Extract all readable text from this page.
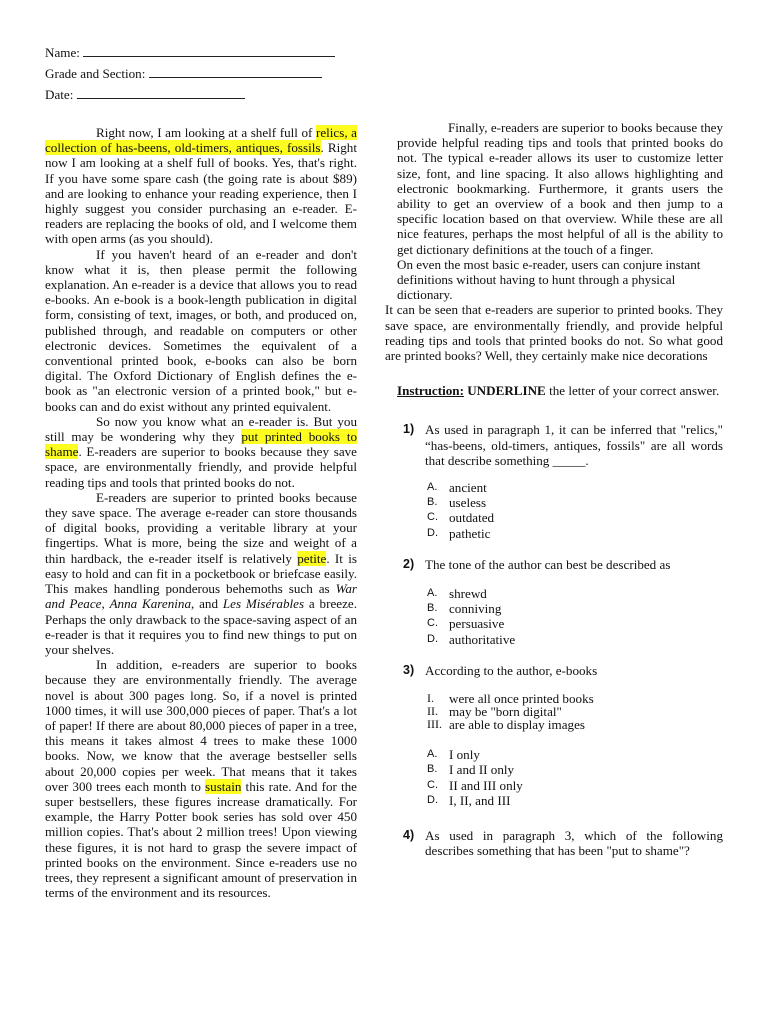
Name:
Grade and Section:
Date:

Right now, I am looking at a shelf full of relics, a collection of has-beens, old-timers, antiques, fossils. Right now I am looking at a shelf full of books. Yes, that's right. If you have some spare cash (the going rate is about $89) and are looking to enhance your reading experience, then I highly suggest you consider purchasing an e-reader. E-readers are replacing the books of old, and I welcome them with open arms (as you should).

If you haven't heard of an e-reader and don't know what it is, then please permit the following explanation. An e-reader is a device that allows you to read e-books. An e-book is a book-length publication in digital form, consisting of text, images, or both, and produced on, published through, and readable on computers or other electronic devices. Sometimes the equivalent of a conventional printed book, e-books can also be born digital. The Oxford Dictionary of English defines the e-book as "an electronic version of a printed book," but e-books can and do exist without any printed equivalent.

So now you know what an e-reader is. But you still may be wondering why they put printed books to shame. E-readers are superior to books because they save space, are environmentally friendly, and provide helpful reading tips and tools that printed books do not.

E-readers are superior to printed books because they save space. The average e-reader can store thousands of digital books, providing a veritable library at your fingertips. What is more, being the size and weight of a thin hardback, the e-reader itself is relatively petite. It is easy to hold and can fit in a pocketbook or briefcase easily. This makes handling ponderous behemoths such as War and Peace, Anna Karenina, and Les Misérables a breeze. Perhaps the only drawback to the space-saving aspect of an e-reader is that it requires you to find new things to put on your shelves.

In addition, e-readers are superior to books because they are environmentally friendly. The average novel is about 300 pages long. So, if a novel is printed 1000 times, it will use 300,000 pieces of paper. That's a lot of paper! If there are about 80,000 pieces of paper in a tree, this means it takes almost 4 trees to make these 1000 books. Now, we know that the average bestseller sells about 20,000 copies per week. That means that it takes over 300 trees each month to sustain this rate. And for the super bestsellers, these figures increase dramatically. For example, the Harry Potter book series has sold over 450 million copies. That's about 2 million trees! Upon viewing these figures, it is not hard to grasp the severe impact of printed books on the environment. Since e-readers use no trees, they represent a significant amount of preservation in terms of the environment and its resources.

Finally, e-readers are superior to books because they provide helpful reading tips and tools that printed books do not. The typical e-reader allows its user to customize letter size, font, and line spacing. It also allows highlighting and electronic bookmarking. Furthermore, it grants users the ability to get an overview of a book and then jump to a specific location based on that overview. While these are all nice features, perhaps the most helpful of all is the ability to get dictionary definitions at the touch of a finger.

On even the most basic e-reader, users can conjure instant definitions without having to hunt through a physical dictionary.

It can be seen that e-readers are superior to printed books. They save space, are environmentally friendly, and provide helpful reading tips and tools that printed books do not. So what good are printed books? Well, they certainly make nice decorations

Instruction: UNDERLINE the letter of your correct answer.

1) As used in paragraph 1, it can be inferred that "relics," “has-beens, old-timers, antiques, fossils" are all words that describe something _____.
A. ancient
B. useless
C. outdated
D. pathetic
2) The tone of the author can best be described as
A. shrewd
B. conniving
C. persuasive
D. authoritative
3) According to the author, e-books
I.	were all once printed books
II. may be "born digital"
III. are able to display images
A. I only
B. I and II only
C. II and III only
D. I, II, and III
4) As used in paragraph 3, which of the following describes something that has been "put to shame"?
